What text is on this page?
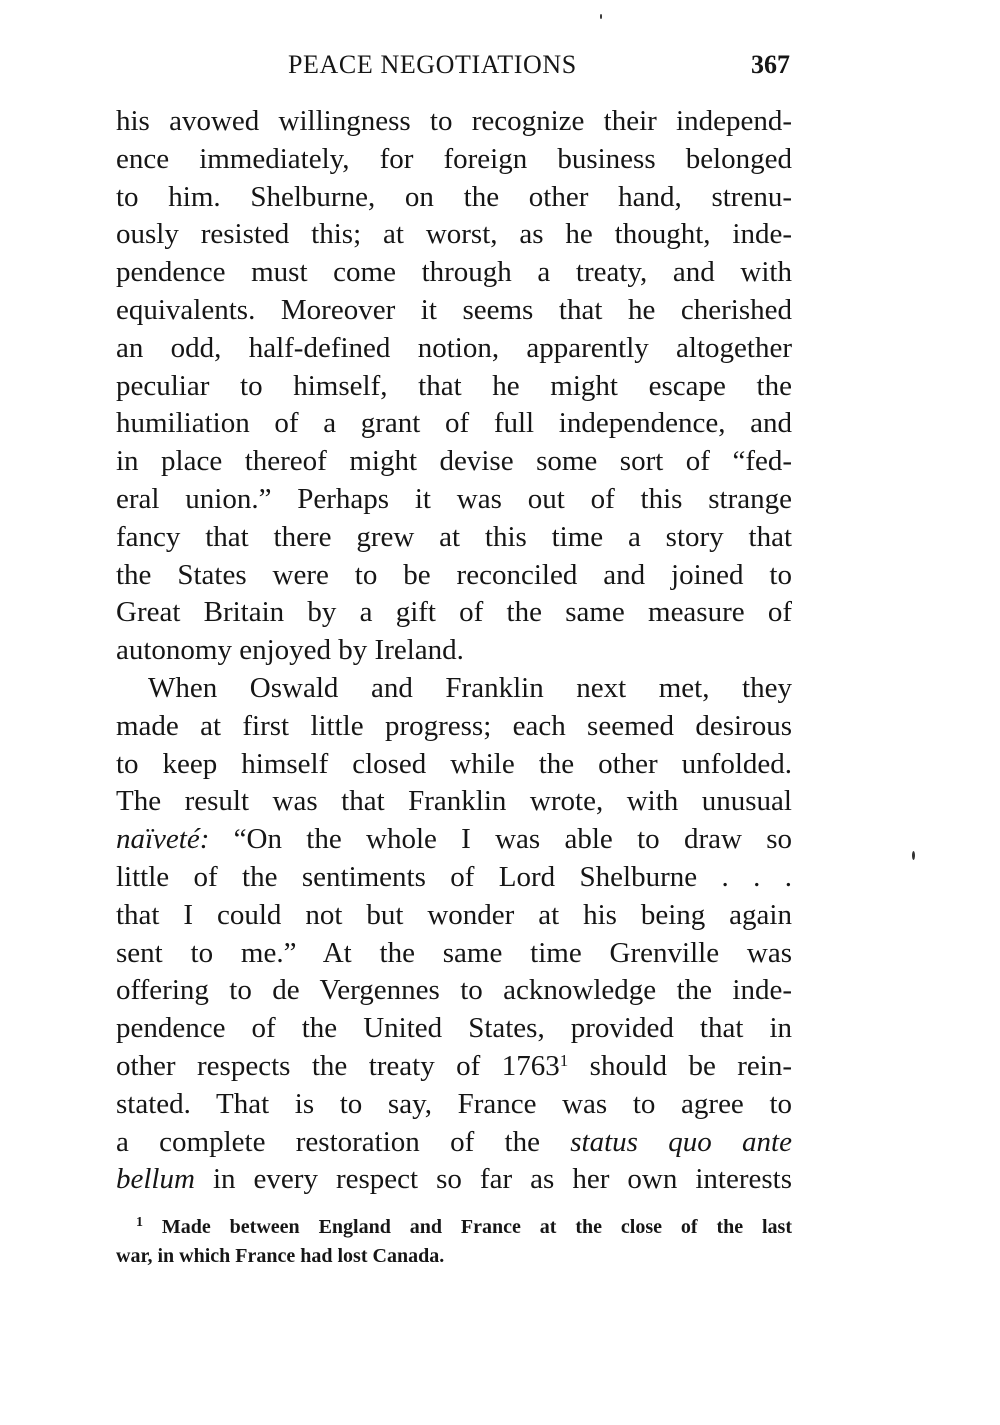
PEACE NEGOTIATIONS	367
his avowed willingness to recognize their independ-
ence immediately, for foreign business belonged
to him. Shelburne, on the other hand, strenu-
ously resisted this; at worst, as he thought, inde-
pendence must come through a treaty, and with
equivalents. Moreover it seems that he cherished
an odd, half-defined notion, apparently altogether
peculiar to himself, that he might escape the
humiliation of a grant of full independence, and
in place thereof might devise some sort of “fed-
eral union.” Perhaps it was out of this strange
fancy that there grew at this time a story that
the States were to be reconciled and joined to
Great Britain by a gift of the same measure of
autonomy enjoyed by Ireland.
When Oswald and Franklin next met, they
made at first little progress; each seemed desirous
to keep himself closed while the other unfolded.
The result was that Franklin wrote, with unusual
naïveté: “On the whole I was able to draw so
little of the sentiments of Lord Shelburne . . .
that I could not but wonder at his being again
sent to me.” At the same time Grenville was
offering to de Vergennes to acknowledge the inde-
pendence of the United States, provided that in
other respects the treaty of 1763$^1$ should be rein-
stated. That is to say, France was to agree to
a complete restoration of the status quo ante
bellum in every respect so far as her own interests
$^1$ Made between England and France at the close of the last
war, in which France had lost Canada.
